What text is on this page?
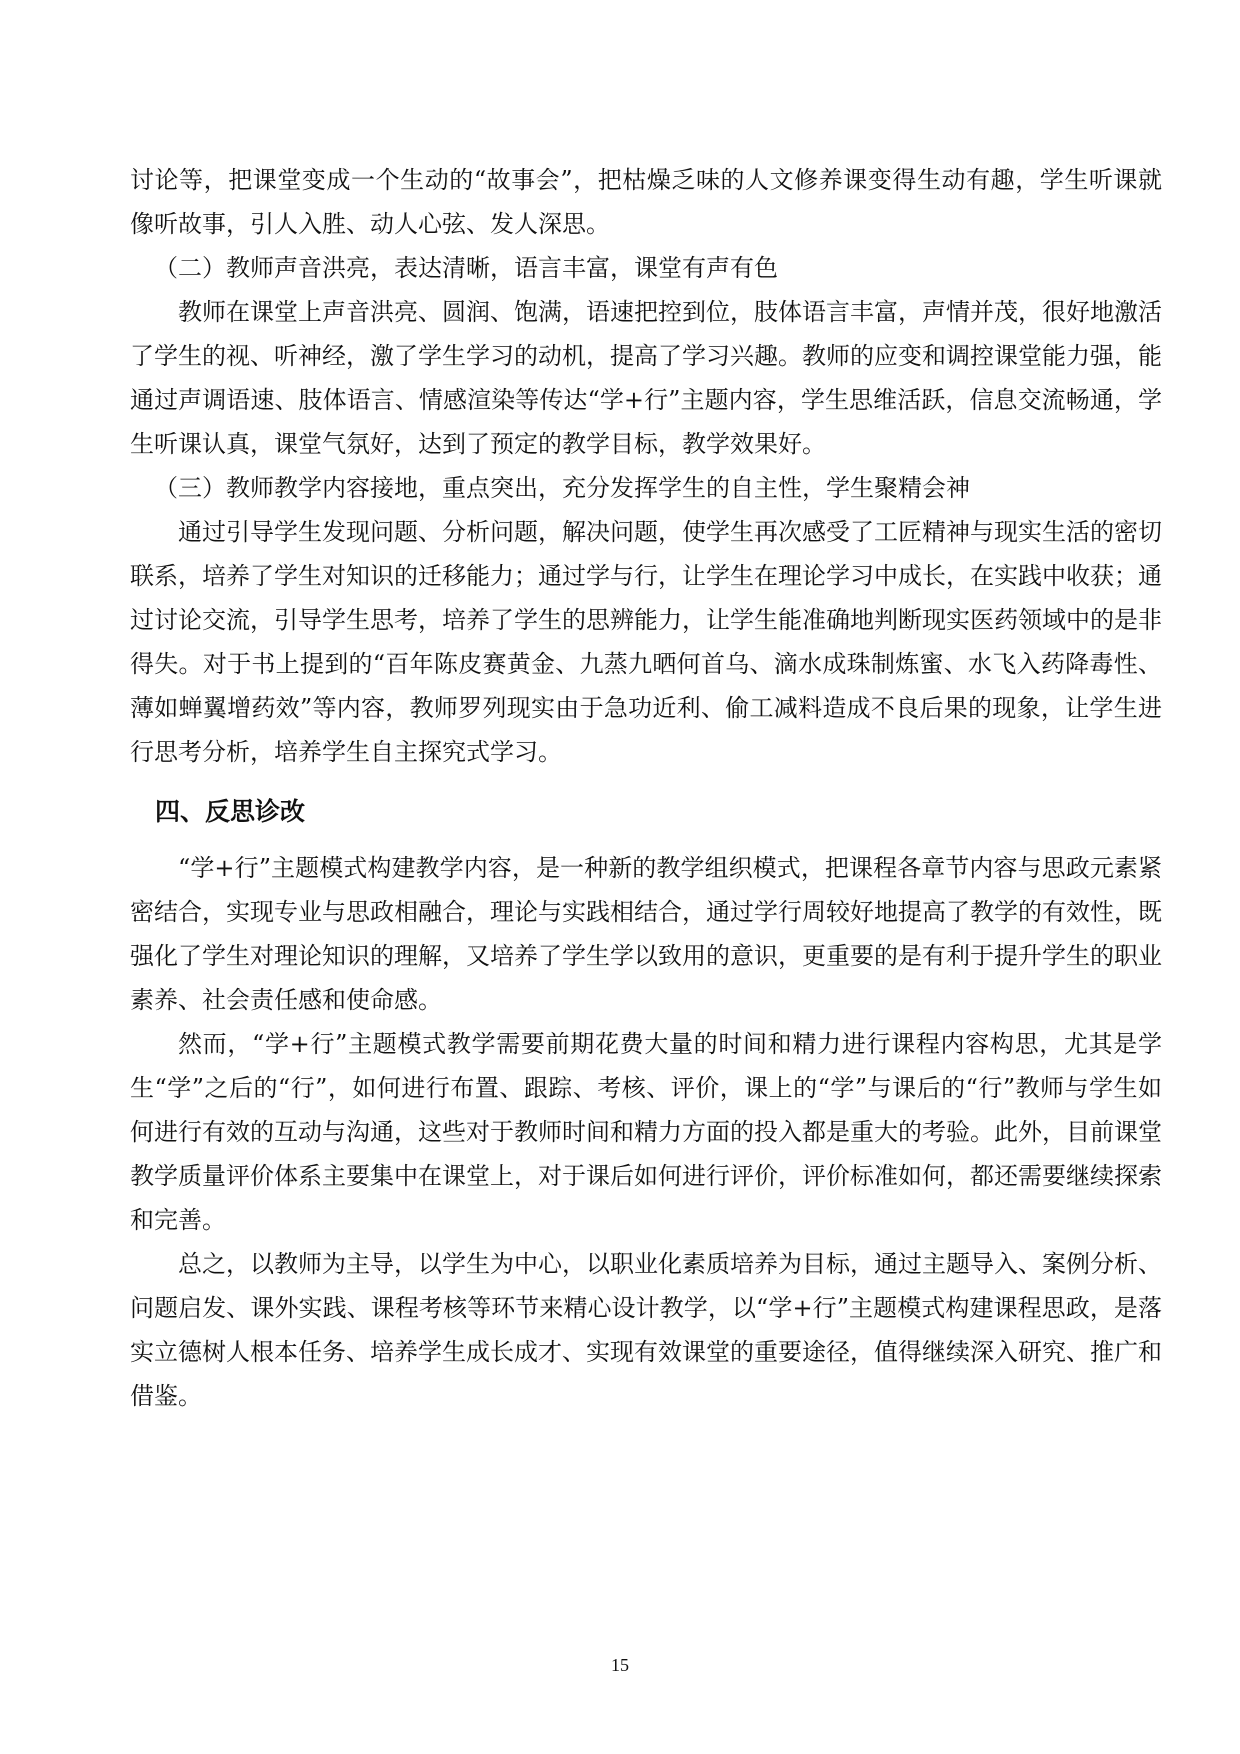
讨论等，把课堂变成一个生动的“故事会”，把枯燥乏味的人文修养课变得生动有趣，学生听课就像听故事，引人入胜、动人心弦、发人深思。

（二）教师声音洪亮，表达清晰，语言丰富，课堂有声有色

教师在课堂上声音洪亮、圆润、饱满，语速把控到位，肢体语言丰富，声情并茂，很好地激活了学生的视、听神经，激了学生学习的动机，提高了学习兴趣。教师的应变和调控课堂能力强，能通过声调语速、肢体语言、情感渲染等传达“学+行”主题内容，学生思维活跃，信息交流畅通，学生听课认真，课堂气氛好，达到了预定的教学目标，教学效果好。

（三）教师教学内容接地，重点突出，充分发挥学生的自主性，学生聚精会神

通过引导学生发现问题、分析问题，解决问题，使学生再次感受了工匠精神与现实生活的密切联系，培养了学生对知识的迁移能力；通过学与行，让学生在理论学习中成长，在实践中收获；通过讨论交流，引导学生思考，培养了学生的思辨能力，让学生能准确地判断现实医药领域中的是非得失。对于书上提到的“百年陈皮赛黄金、九蒸九晒何首乌、滴水成珠制炼蜜、水飞入药降毒性、薄如蝉翼增药效”等内容，教师罗列现实由于急功近利、偷工减料造成不良后果的现象，让学生进行思考分析，培养学生自主探究式学习。

四、反思诊改

“学+行”主题模式构建教学内容，是一种新的教学组织模式，把课程各章节内容与思政元素紧密结合，实现专业与思政相融合，理论与实践相结合，通过学行周较好地提高了教学的有效性，既强化了学生对理论知识的理解，又培养了学生学以致用的意识，更重要的是有利于提升学生的职业素养、社会责任感和使命感。

然而，“学+行”主题模式教学需要前期花费大量的时间和精力进行课程内容构思，尤其是学生“学”之后的“行”，如何进行布置、跟踪、考核、评价，课上的“学”与课后的“行”教师与学生如何进行有效的互动与沟通，这些对于教师时间和精力方面的投入都是重大的考验。此外，目前课堂教学质量评价体系主要集中在课堂上，对于课后如何进行评价，评价标准如何，都还需要继续探索和完善。

总之，以教师为主导，以学生为中心，以职业化素质培养为目标，通过主题导入、案例分析、问题启发、课外实践、课程考核等环节来精心设计教学，以“学+行”主题模式构建课程思政，是落实立德树人根本任务、培养学生成长成才、实现有效课堂的重要途径，值得继续深入研究、推广和借鉴。

15
